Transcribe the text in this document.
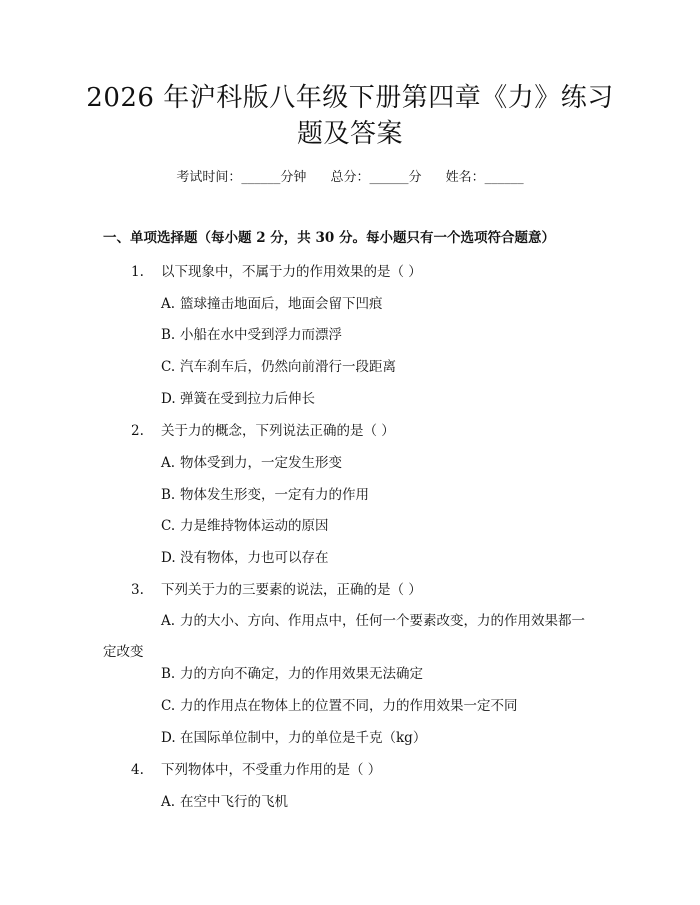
2026 年沪科版八年级下册第四章《力》练习
题及答案
考试时间：______分钟 总分：______分 姓名：______
一、单项选择题（每小题 2 分，共 30 分。每小题只有一个选项符合题意）
1. 以下现象中，不属于力的作用效果的是（ ）
A. 篮球撞击地面后，地面会留下凹痕
B. 小船在水中受到浮力而漂浮
C. 汽车刹车后，仍然向前滑行一段距离
D. 弹簧在受到拉力后伸长
2. 关于力的概念，下列说法正确的是（ ）
A. 物体受到力，一定发生形变
B. 物体发生形变，一定有力的作用
C. 力是维持物体运动的原因
D. 没有物体，力也可以存在
3. 下列关于力的三要素的说法，正确的是（ ）
A. 力的大小、方向、作用点中，任何一个要素改变，力的作用效果都一定改变
B. 力的方向不确定，力的作用效果无法确定
C. 力的作用点在物体上的位置不同，力的作用效果一定不同
D. 在国际单位制中，力的单位是千克（kg）
4. 下列物体中，不受重力作用的是（ ）
A. 在空中飞行的飞机
